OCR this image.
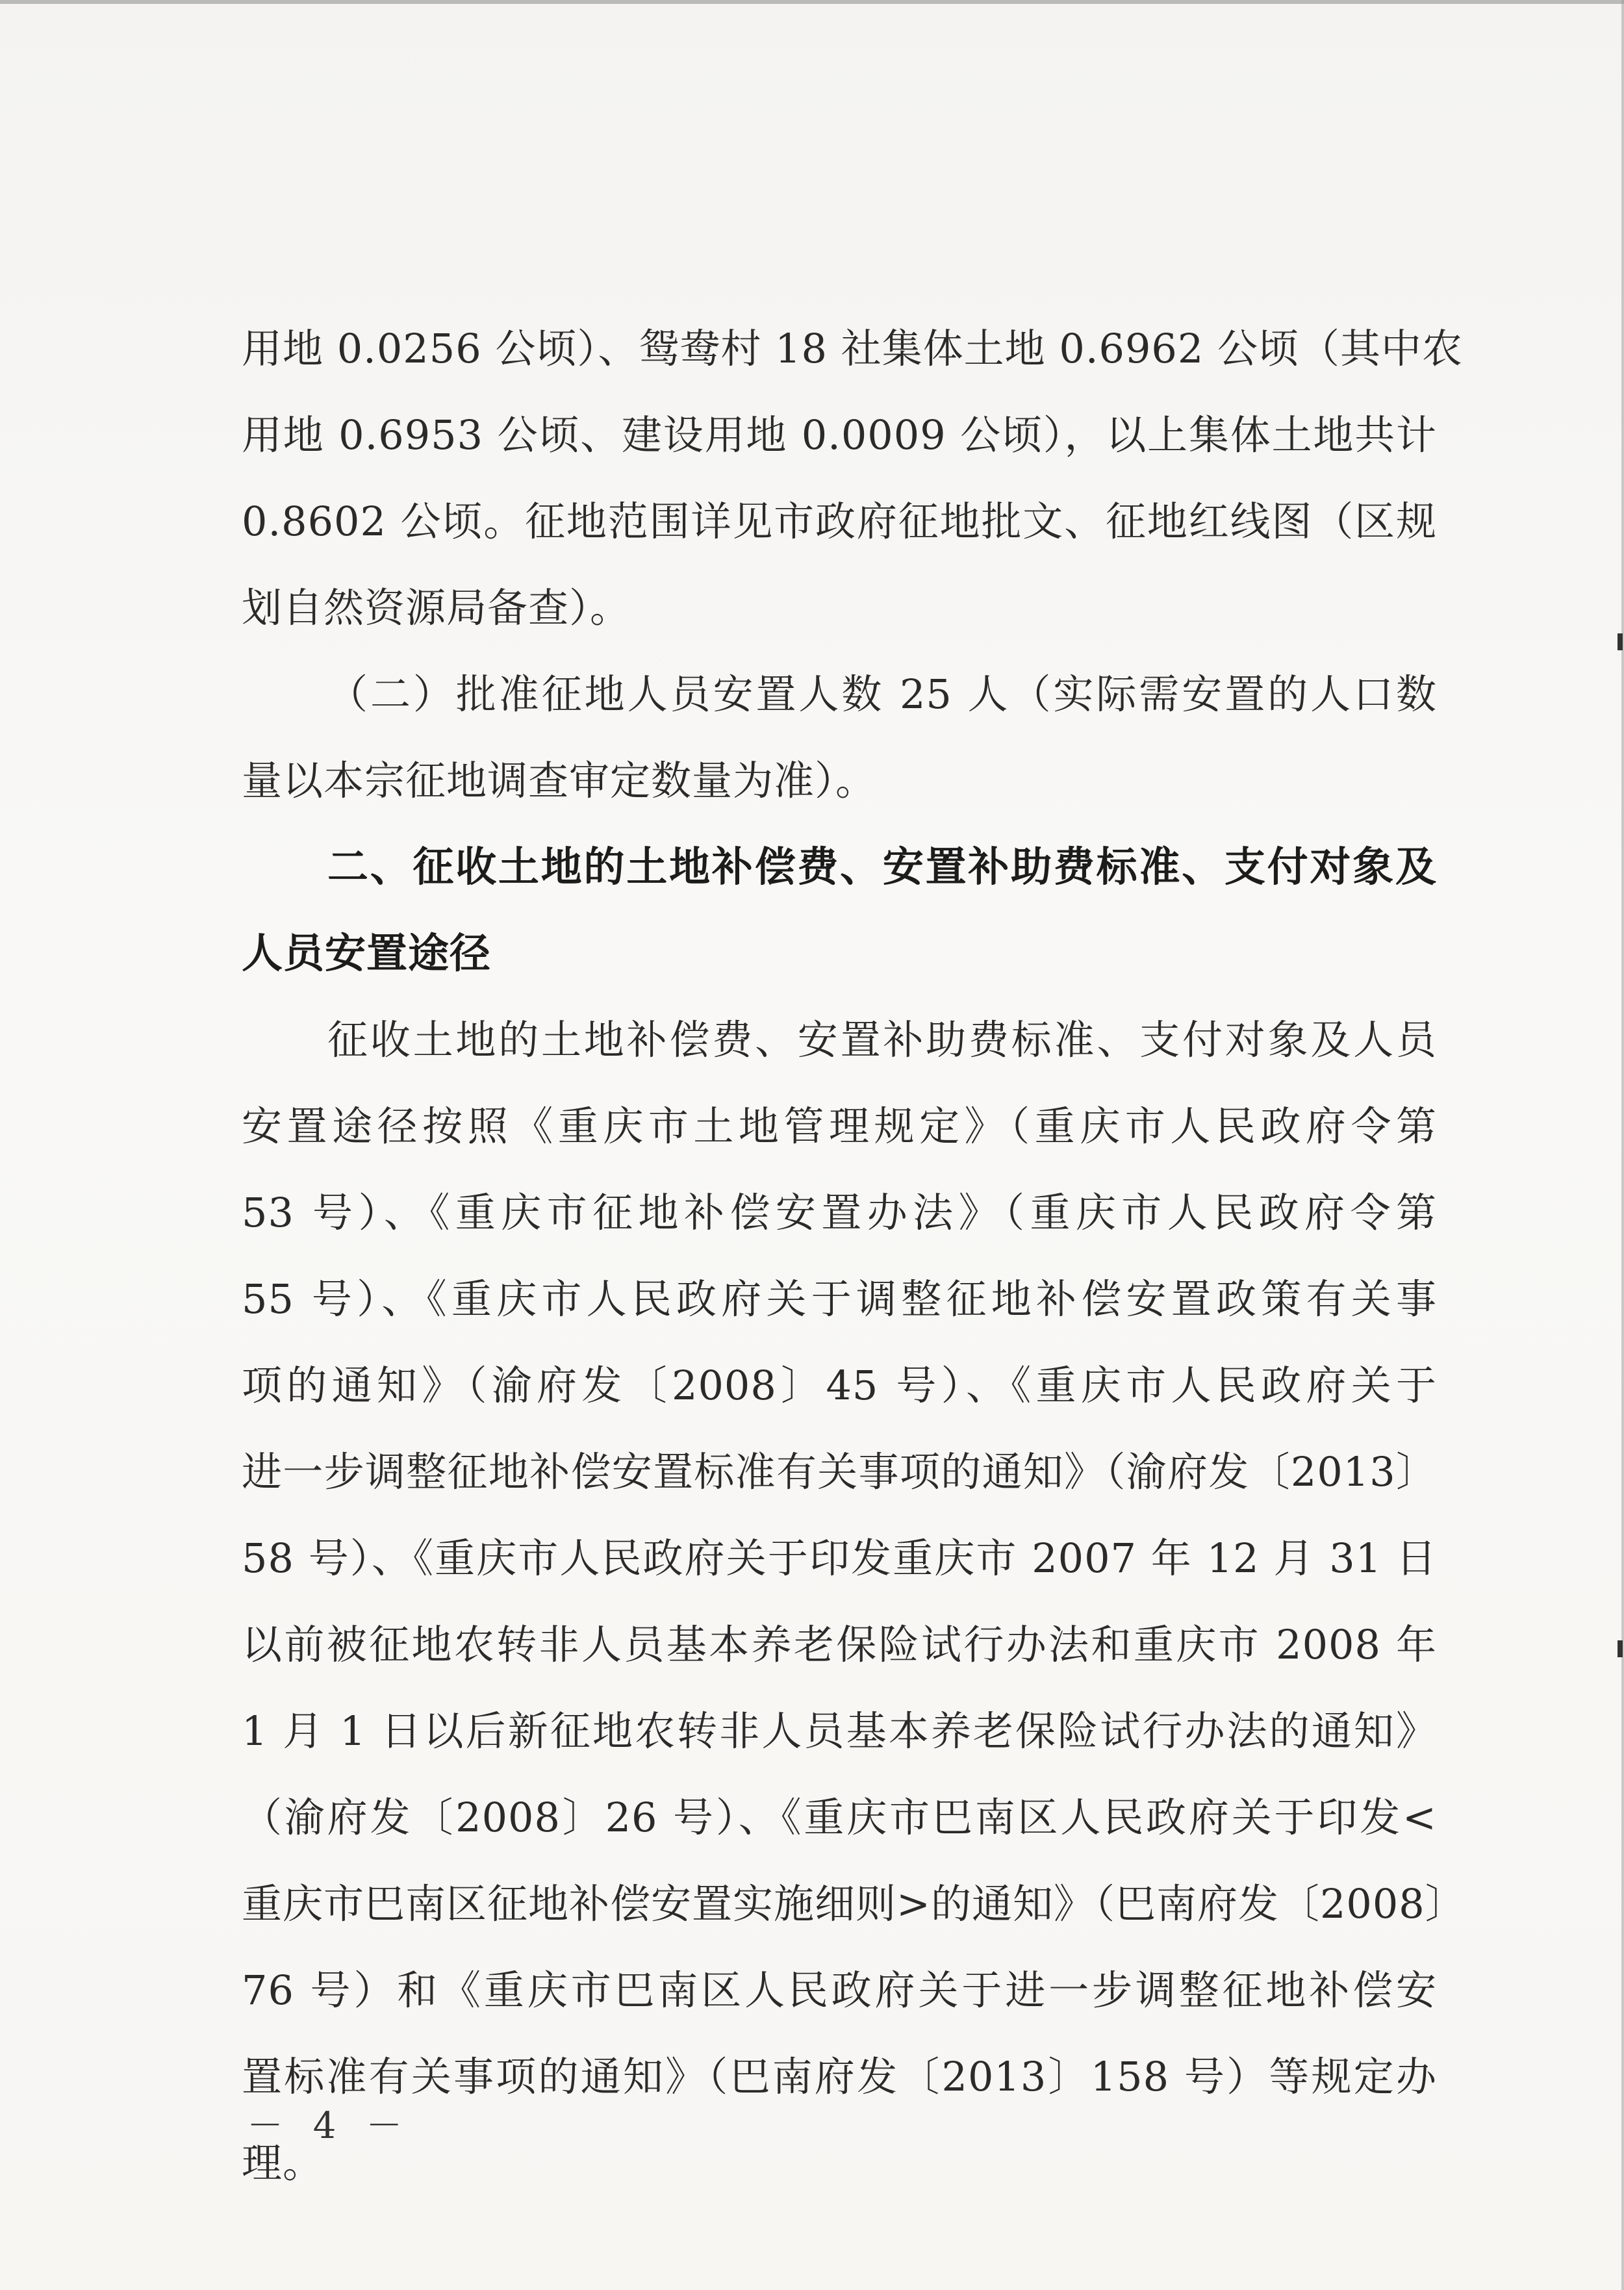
用地 0.0256 公顷）、鸳鸯村 18 社集体土地 0.6962 公顷（其中农
用地 0.6953 公顷、建设用地 0.0009 公顷），以上集体土地共计
0.8602 公顷。征地范围详见市政府征地批文、征地红线图（区规
划自然资源局备查）。
（二）批准征地人员安置人数 25 人（实际需安置的人口数
量以本宗征地调查审定数量为准）。
二、征收土地的土地补偿费、安置补助费标准、支付对象及
人员安置途径
征收土地的土地补偿费、安置补助费标准、支付对象及人员
安置途径按照《重庆市土地管理规定》（重庆市人民政府令第
53 号）、《重庆市征地补偿安置办法》（重庆市人民政府令第
55 号）、《重庆市人民政府关于调整征地补偿安置政策有关事
项的通知》（渝府发〔2008〕45 号）、《重庆市人民政府关于
进一步调整征地补偿安置标准有关事项的通知》（渝府发〔2013〕
58 号）、《重庆市人民政府关于印发重庆市 2007 年 12 月 31 日
以前被征地农转非人员基本养老保险试行办法和重庆市 2008 年
1 月 1 日以后新征地农转非人员基本养老保险试行办法的通知》
（渝府发〔2008〕26 号）、《重庆市巴南区人民政府关于印发<
重庆市巴南区征地补偿安置实施细则>的通知》（巴南府发〔2008〕
76 号）和《重庆市巴南区人民政府关于进一步调整征地补偿安
置标准有关事项的通知》（巴南府发〔2013〕158 号）等规定办
理。
－ 4 －
